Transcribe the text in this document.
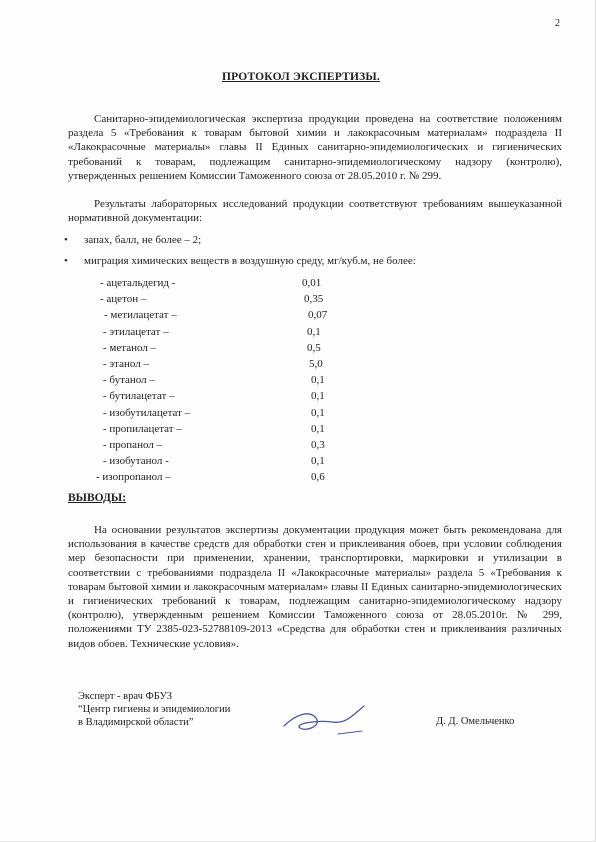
2
ПРОТОКОЛ ЭКСПЕРТИЗЫ.
Санитарно-эпидемиологическая экспертиза продукции проведена на соответствие положениям раздела 5 «Требования к товарам бытовой химии и лакокрасочным материалам» подраздела II «Лакокрасочные материалы» главы II Единых санитарно-эпидемиологических и гигиенических требований к товарам, подлежащим санитарно-эпидемиологическому надзору (контролю), утвержденных решением Комиссии Таможенного союза от 28.05.2010 г. № 299.
Результаты лабораторных исследований продукции соответствуют требованиям вышеуказанной нормативной документации:
• запах, балл, не более – 2;
• миграция химических веществ в воздушную среду, мг/куб.м, не более:
- ацетальдегид -	0,01
- ацетон –	0,35
- метилацетат –	0,07
- этилацетат –	0,1
- метанол –	0,5
- этанол –	5,0
- бутанол –	0,1
- бутилацетат –	0,1
- изобутилацетат –	0,1
- пропилацетат –	0,1
- пропанол –	0,3
- изобутанол -	0,1
- изопропанол –	0,6
ВЫВОДЫ:
На основании результатов экспертизы документации продукция может быть рекомендована для использования в качестве средств для обработки стен и приклеивания обоев, при условии соблюдения мер безопасности при применении, хранении, транспортировки, маркировки и утилизации в соответствии с требованиями подраздела II «Лакокрасочные материалы» раздела 5 «Требования к товарам бытовой химии и лакокрасочным материалам» главы II Единых санитарно-эпидемиологических и гигиенических требований к товарам, подлежащим санитарно-эпидемиологическому надзору (контролю), утвержденным решением Комиссии Таможенного союза от 28.05.2010г. № 299, положениями ТУ 2385-023-52788109-2013 «Средства для обработки стен и приклеивания различных видов обоев. Технические условия».
Эксперт - врач ФБУЗ
“Центр гигиены и эпидемиологии
в Владимирской области”	Д. Д. Омельченко
